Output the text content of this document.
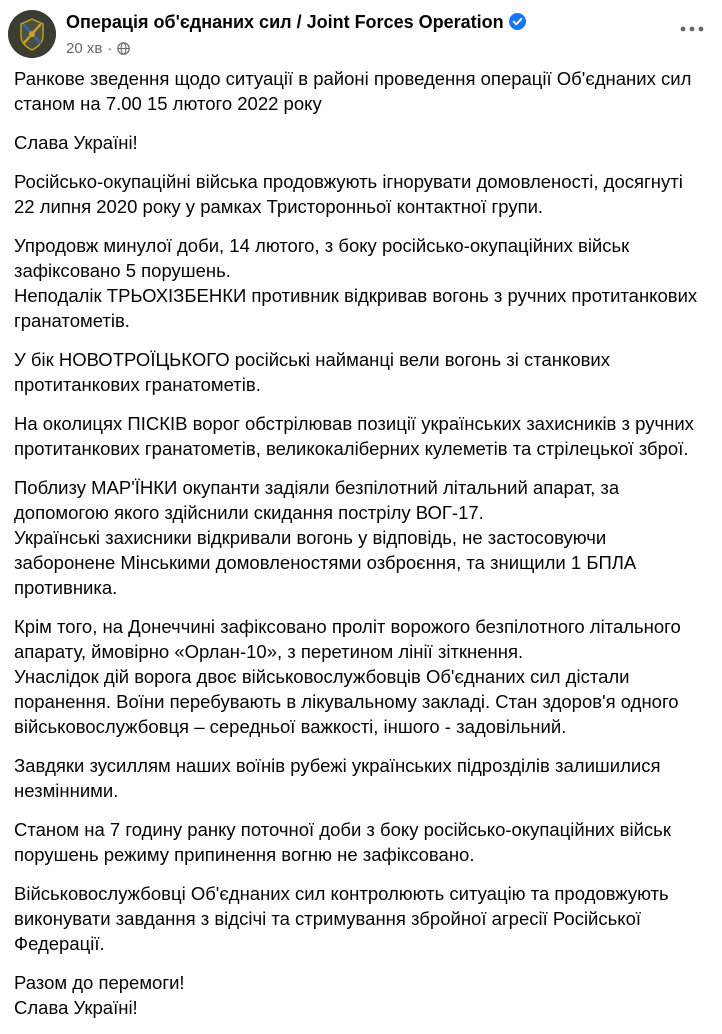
Операція об'єднаних сил / Joint Forces Operation
20 хв ·

Ранкове зведення щодо ситуації в районі проведення операції Об'єднаних сил
станом на 7.00 15 лютого 2022 року

Слава Україні!

Російсько-окупаційні війська продовжують ігнорувати домовленості, досягнуті
22 липня 2020 року у рамках Тристоронньої контактної групи.

Упродовж минулої доби, 14 лютого, з боку російсько-окупаційних військ
зафіксовано 5 порушень.
Неподалік ТРЬОХІЗБЕНКИ противник відкривав вогонь з ручних протитанкових
гранатометів.

У бік НОВОТРОЇЦЬКОГО російські найманці вели вогонь зі станкових
протитанкових гранатометів.

На околицях ПІСКІВ ворог обстрілював позиції українських захисників з ручних
протитанкових гранатометів, великокаліберних кулеметів та стрілецької зброї.

Поблизу МАР'ЇНКИ окупанти задіяли безпілотний літальний апарат, за
допомогою якого здійснили скидання пострілу ВОГ-17.
Українські захисники відкривали вогонь у відповідь, не застосовуючи
забороненe Мінськими домовленостями озброєння, та знищили 1 БПЛА
противника.

Крім того, на Донеччині зафіксовано проліт ворожого безпілотного літального
апарату, ймовірно «Орлан-10», з перетином лінії зіткнення.
Унаслідок дій ворога двоє військовослужбовців Об'єднаних сил дістали
поранення. Воїни перебувають в лікувальному закладі. Стан здоров'я одного
військовослужбовця – середньої важкості, іншого - задовільний.

Завдяки зусиллям наших воїнів рубежі українських підрозділів залишилися
незмінними.

Станом на 7 годину ранку поточної доби з боку російсько-окупаційних військ
порушень режиму припинення вогню не зафіксовано.

Військовослужбовці Об'єднаних сил контролюють ситуацію та продовжують
виконувати завдання з відсічі та стримування збройної агресії Російської
Федерації.

Разом до перемоги!
Слава Україні!
